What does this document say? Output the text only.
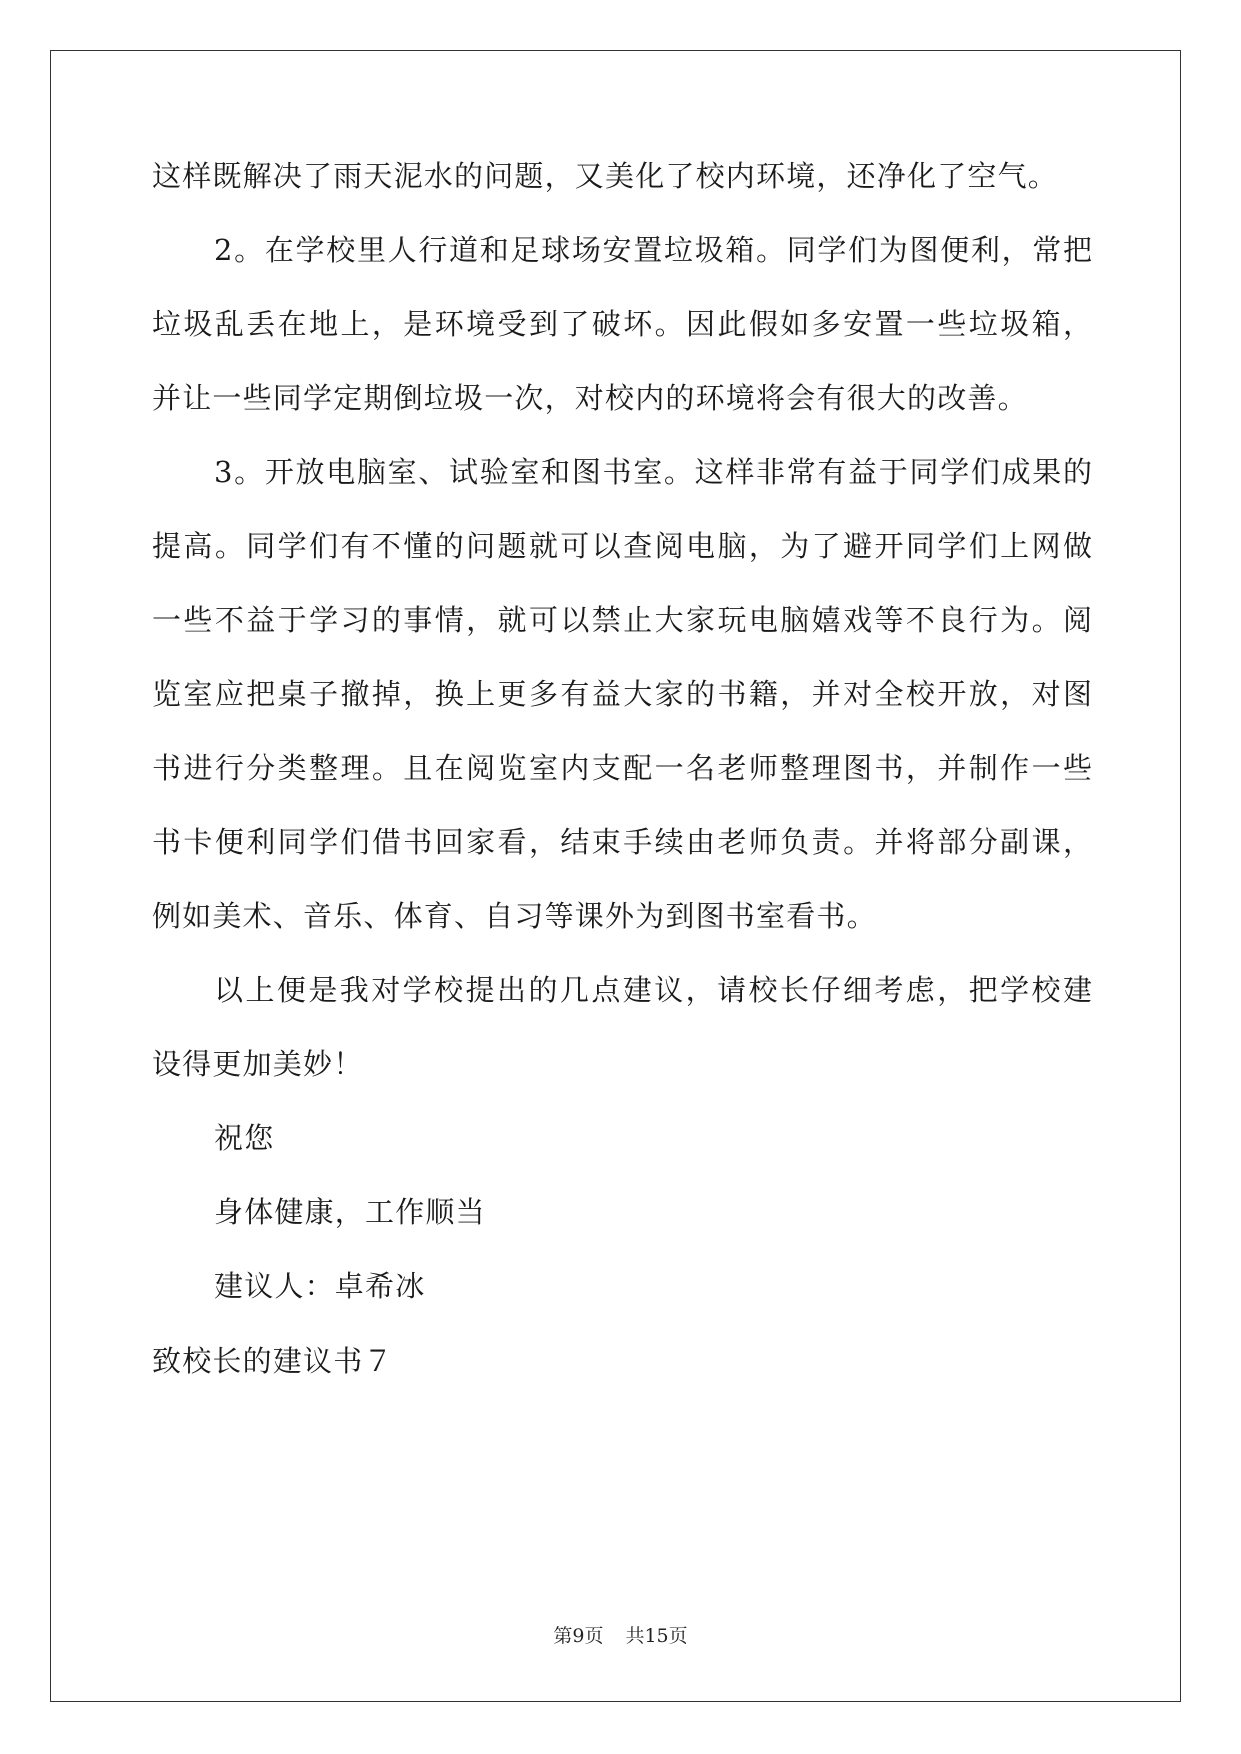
这样既解决了雨天泥水的问题，又美化了校内环境，还净化了空气。
2。在学校里人行道和足球场安置垃圾箱。同学们为图便利，常把
垃圾乱丢在地上，是环境受到了破坏。因此假如多安置一些垃圾箱，
并让一些同学定期倒垃圾一次，对校内的环境将会有很大的改善。
3。开放电脑室、试验室和图书室。这样非常有益于同学们成果的
提高。同学们有不懂的问题就可以查阅电脑，为了避开同学们上网做
一些不益于学习的事情，就可以禁止大家玩电脑嬉戏等不良行为。阅
览室应把桌子撤掉，换上更多有益大家的书籍，并对全校开放，对图
书进行分类整理。且在阅览室内支配一名老师整理图书，并制作一些
书卡便利同学们借书回家看，结束手续由老师负责。并将部分副课，
例如美术、音乐、体育、自习等课外为到图书室看书。
以上便是我对学校提出的几点建议，请校长仔细考虑，把学校建
设得更加美妙！
祝您
身体健康，工作顺当
建议人：卓希冰
致校长的建议书７
第9页 共15页
